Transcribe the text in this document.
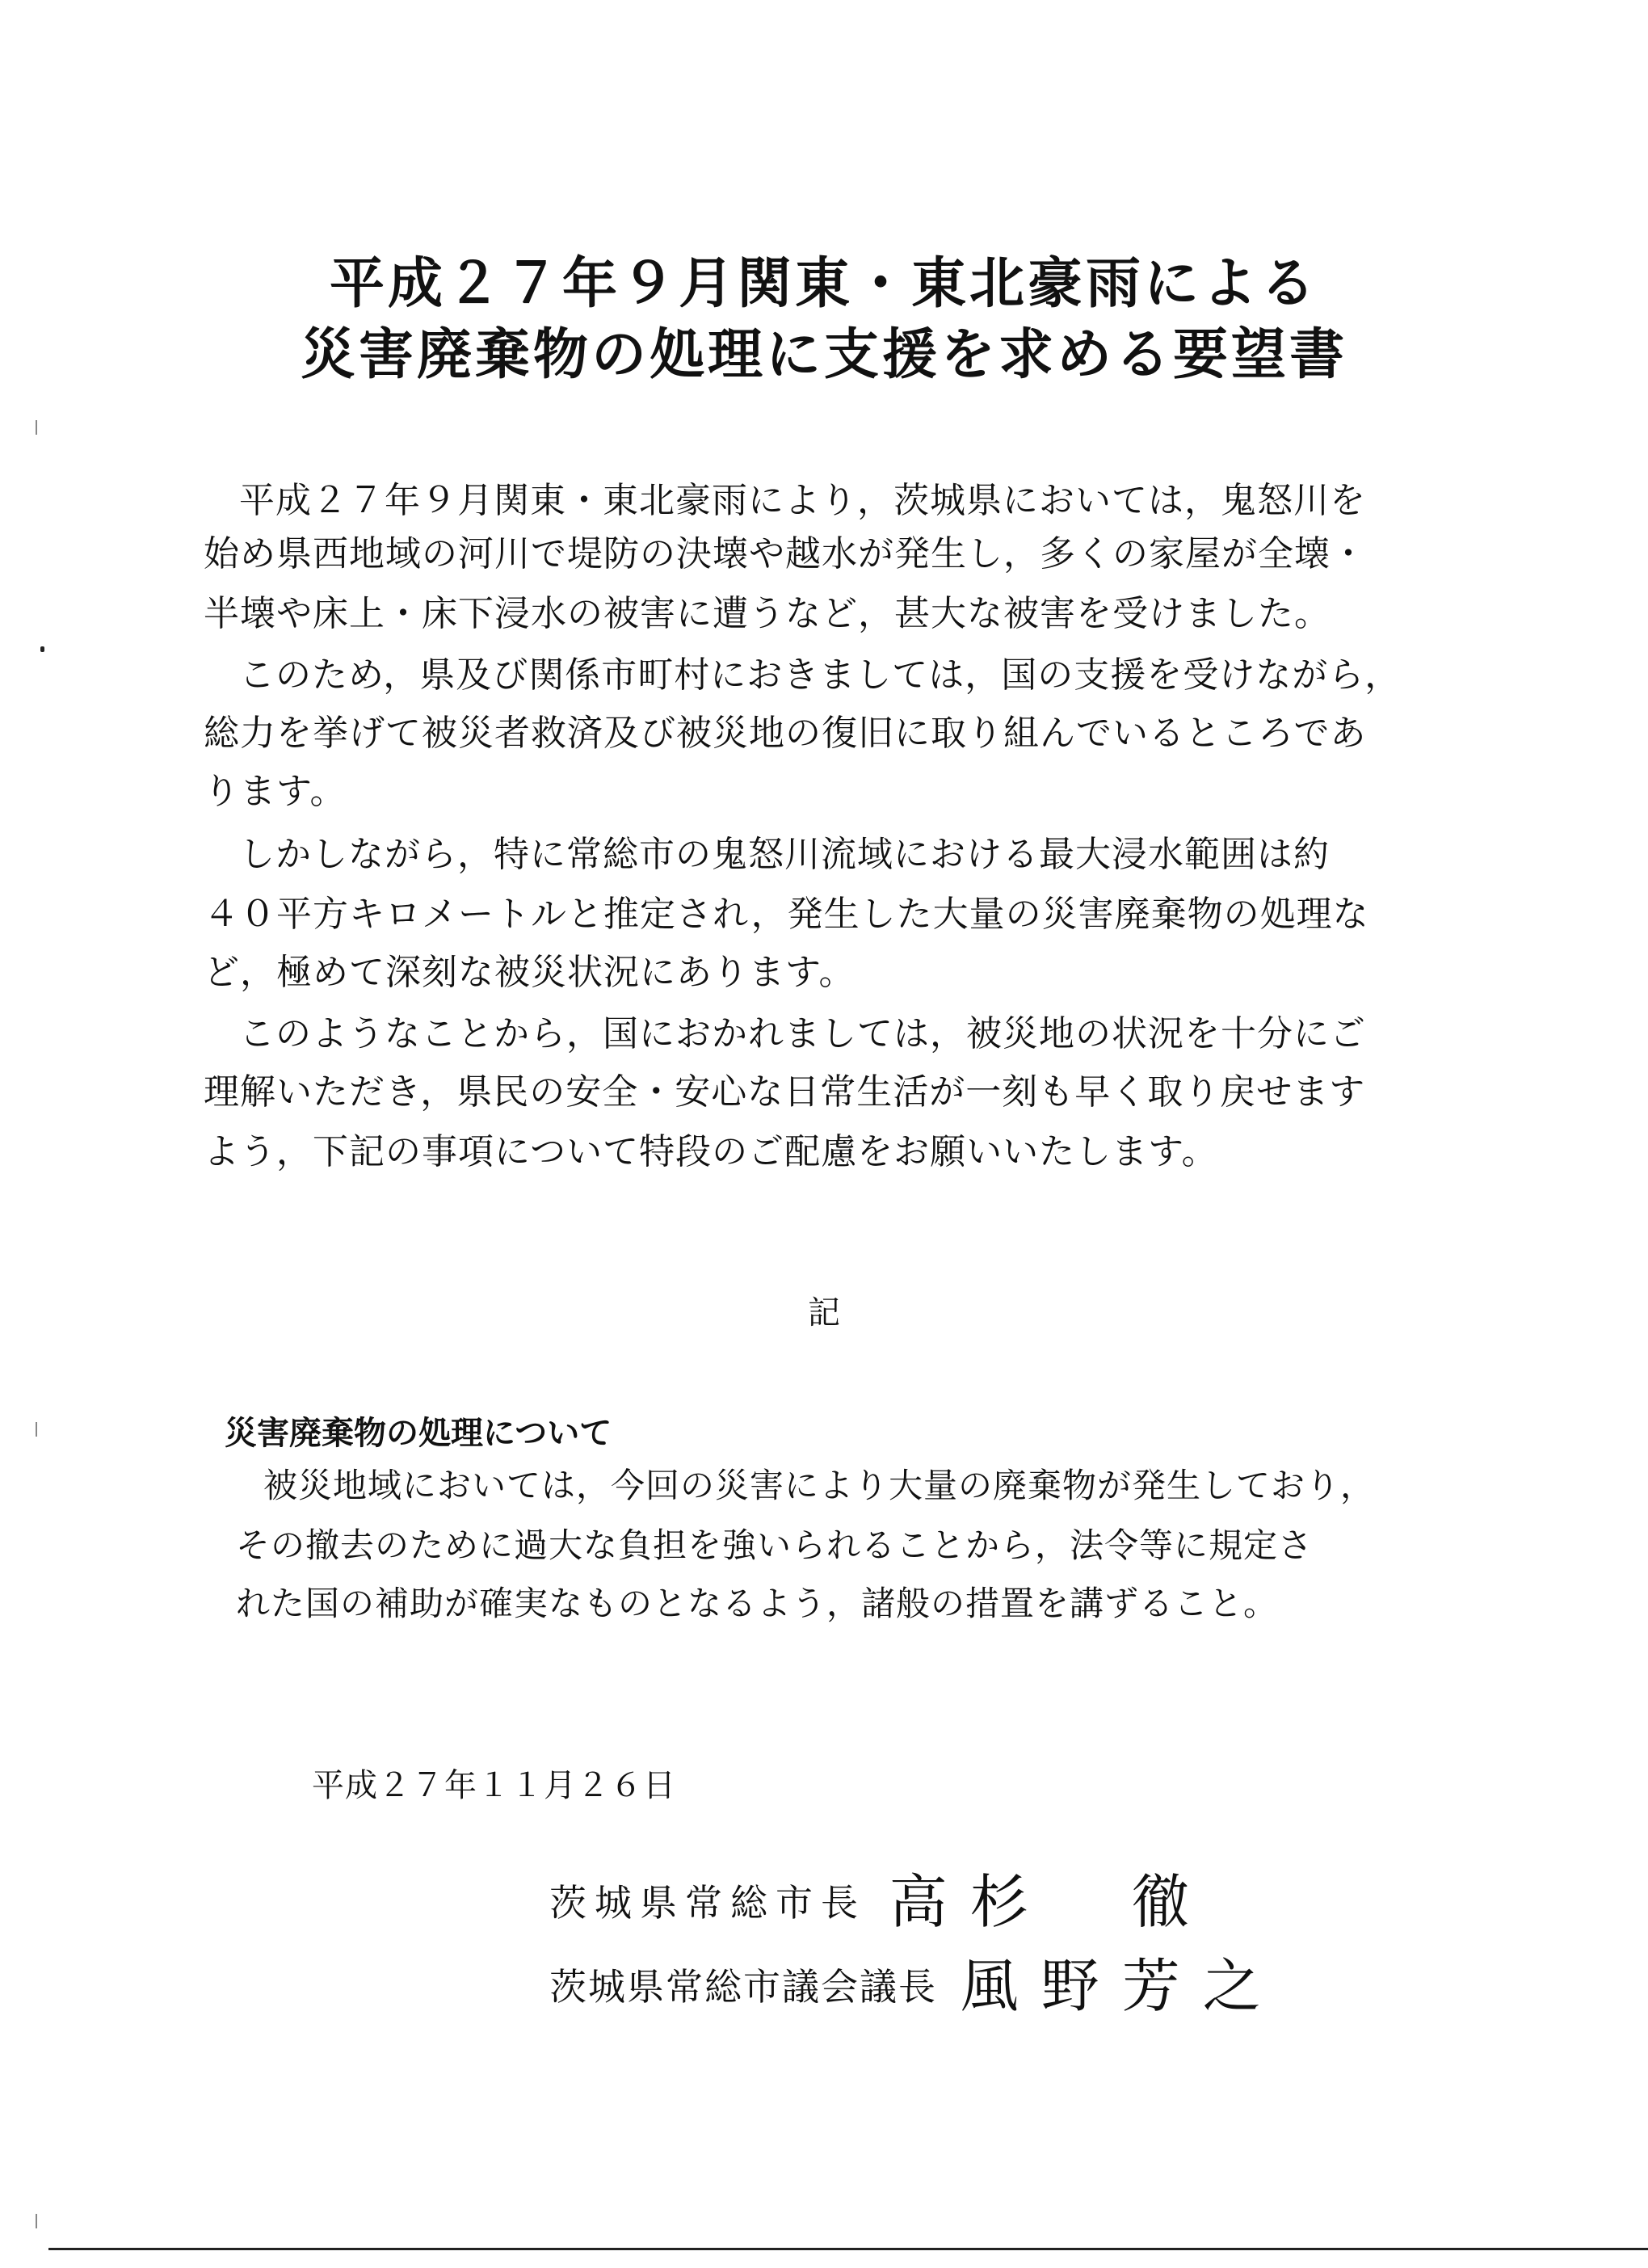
平成２７年９月関東・東北豪雨による
災害廃棄物の処理に支援を求める要望書
平成２７年９月関東・東北豪雨により，茨城県においては，鬼怒川を
始め県西地域の河川で堤防の決壊や越水が発生し，多くの家屋が全壊・
半壊や床上・床下浸水の被害に遭うなど，甚大な被害を受けました。
このため，県及び関係市町村におきましては，国の支援を受けながら，
総力を挙げて被災者救済及び被災地の復旧に取り組んでいるところであ
ります。
しかしながら，特に常総市の鬼怒川流域における最大浸水範囲は約
４０平方キロメートルと推定され，発生した大量の災害廃棄物の処理な
ど，極めて深刻な被災状況にあります。
このようなことから，国におかれましては，被災地の状況を十分にご
理解いただき，県民の安全・安心な日常生活が一刻も早く取り戻せます
よう，下記の事項について特段のご配慮をお願いいたします。
記
災害廃棄物の処理について
被災地域においては，今回の災害により大量の廃棄物が発生しており，
その撤去のために過大な負担を強いられることから，法令等に規定さ
れた国の補助が確実なものとなるよう，諸般の措置を講ずること。
平成２７年１１月２６日
茨城県常総市長 高杉　徹
茨城県常総市議会議長 風野芳之
